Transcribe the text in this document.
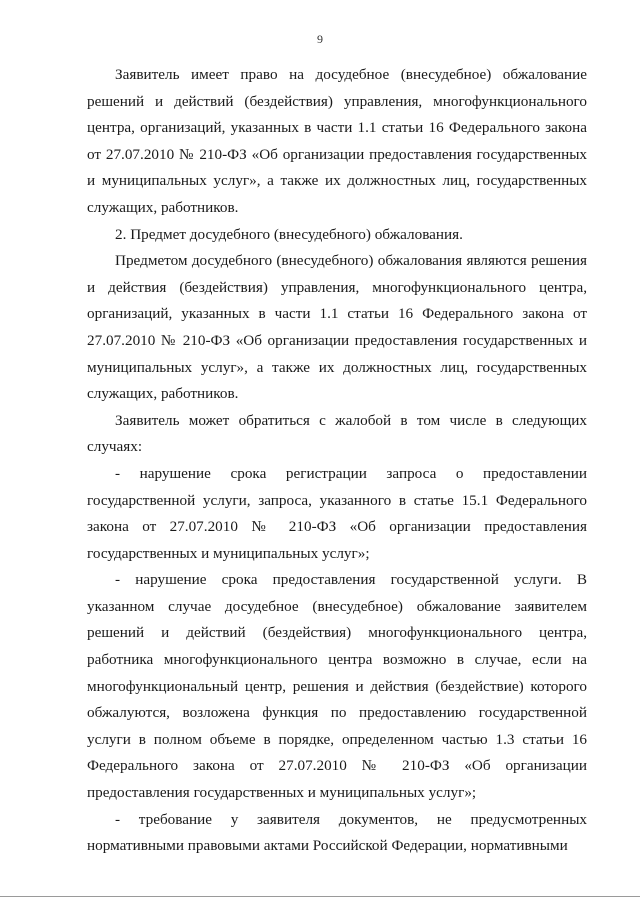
9

Заявитель имеет право на досудебное (внесудебное) обжалование решений и действий (бездействия) управления, многофункционального центра, организаций, указанных в части 1.1 статьи 16 Федерального закона от 27.07.2010 № 210-ФЗ «Об организации предоставления государственных и муниципальных услуг», а также их должностных лиц, государственных служащих, работников.

2. Предмет досудебного (внесудебного) обжалования.

Предметом досудебного (внесудебного) обжалования являются решения и действия (бездействия) управления, многофункционального центра, организаций, указанных в части 1.1 статьи 16 Федерального закона от 27.07.2010 № 210-ФЗ «Об организации предоставления государственных и муниципальных услуг», а также их должностных лиц, государственных служащих, работников.

Заявитель может обратиться с жалобой в том числе в следующих случаях:

- нарушение срока регистрации запроса о предоставлении государственной услуги, запроса, указанного в статье 15.1 Федерального закона от 27.07.2010 № 210-ФЗ «Об организации предоставления государственных и муниципальных услуг»;

- нарушение срока предоставления государственной услуги. В указанном случае досудебное (внесудебное) обжалование заявителем решений и действий (бездействия) многофункционального центра, работника многофункционального центра возможно в случае, если на многофункциональный центр, решения и действия (бездействие) которого обжалуются, возложена функция по предоставлению государственной услуги в полном объеме в порядке, определенном частью 1.3 статьи 16 Федерального закона от 27.07.2010 № 210-ФЗ «Об организации предоставления государственных и муниципальных услуг»;

- требование у заявителя документов, не предусмотренных нормативными правовыми актами Российской Федерации, нормативными
